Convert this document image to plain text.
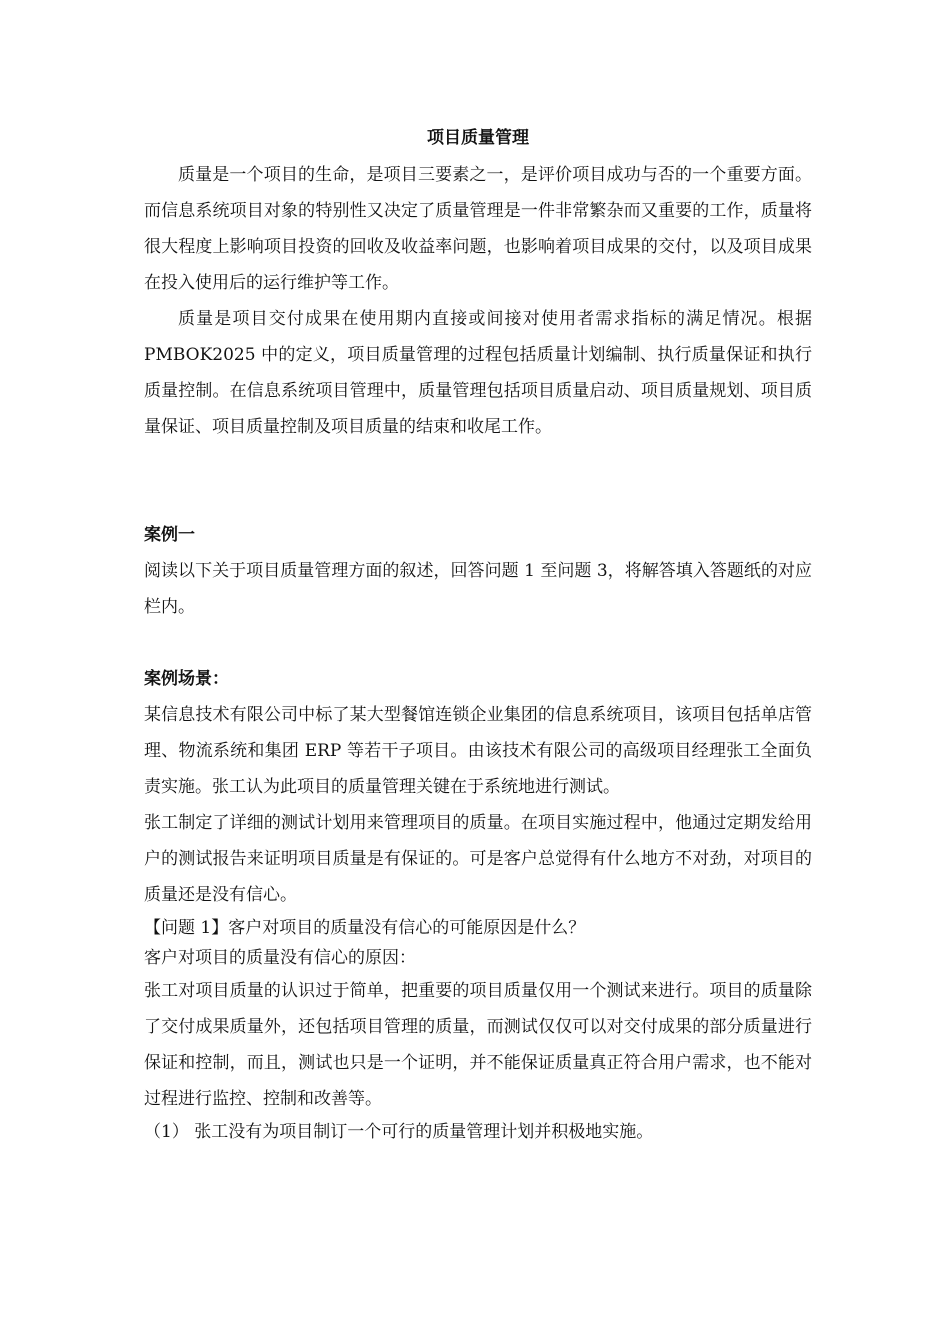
项目质量管理

质量是一个项目的生命，是项目三要素之一，是评价项目成功与否的一个重要方面。而信息系统项目对象的特别性又决定了质量管理是一件非常繁杂而又重要的工作，质量将很大程度上影响项目投资的回收及收益率问题，也影响着项目成果的交付，以及项目成果在投入使用后的运行维护等工作。

质量是项目交付成果在使用期内直接或间接对使用者需求指标的满足情况。根据 PMBOK2025 中的定义，项目质量管理的过程包括质量计划编制、执行质量保证和执行质量控制。在信息系统项目管理中，质量管理包括项目质量启动、项目质量规划、项目质量保证、项目质量控制及项目质量的结束和收尾工作。

案例一

阅读以下关于项目质量管理方面的叙述，回答问题 1 至问题 3，将解答填入答题纸的对应栏内。

案例场景：

某信息技术有限公司中标了某大型餐馆连锁企业集团的信息系统项目，该项目包括单店管理、物流系统和集团 ERP 等若干子项目。由该技术有限公司的高级项目经理张工全面负责实施。张工认为此项目的质量管理关键在于系统地进行测试。

张工制定了详细的测试计划用来管理项目的质量。在项目实施过程中，他通过定期发给用户的测试报告来证明项目质量是有保证的。可是客户总觉得有什么地方不对劲，对项目的质量还是没有信心。

【问题 1】客户对项目的质量没有信心的可能原因是什么？

客户对项目的质量没有信心的原因：

张工对项目质量的认识过于简单，把重要的项目质量仅用一个测试来进行。项目的质量除了交付成果质量外，还包括项目管理的质量，而测试仅仅可以对交付成果的部分质量进行保证和控制，而且，测试也只是一个证明，并不能保证质量真正符合用户需求，也不能对过程进行监控、控制和改善等。

（1） 张工没有为项目制订一个可行的质量管理计划并积极地实施。
